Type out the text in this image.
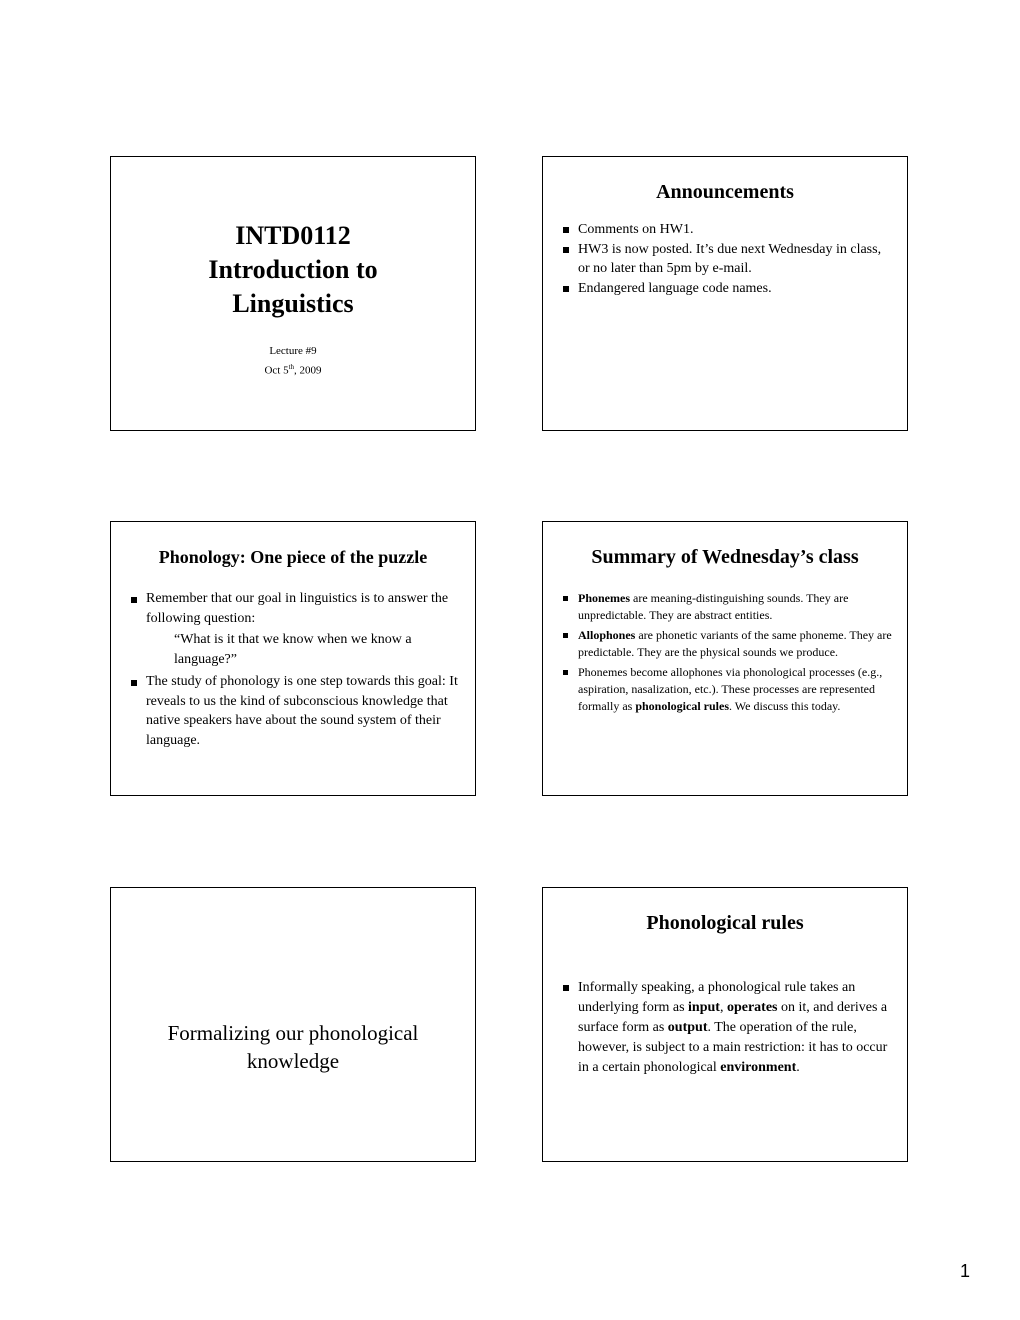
INTD0112
Introduction to
Linguistics
Lecture #9
Oct 5th, 2009
Announcements
Comments on HW1.
HW3 is now posted. It’s due next Wednesday in class, or no later than 5pm by e-mail.
Endangered language code names.
Phonology: One piece of the puzzle
Remember that our goal in linguistics is to answer the following question:
“What is it that we know when we know a language?”
The study of phonology is one step towards this goal: It reveals to us the kind of subconscious knowledge that native speakers have about the sound system of their language.
Summary of Wednesday’s class
Phonemes are meaning-distinguishing sounds. They are unpredictable. They are abstract entities.
Allophones are phonetic variants of the same phoneme. They are predictable. They are the physical sounds we produce.
Phonemes become allophones via phonological processes (e.g., aspiration, nasalization, etc.). These processes are represented formally as phonological rules. We discuss this today.
Formalizing our phonological
knowledge
Phonological rules
Informally speaking, a phonological rule takes an underlying form as input, operates on it, and derives a surface form as output. The operation of the rule, however, is subject to a main restriction: it has to occur in a certain phonological environment.
1
